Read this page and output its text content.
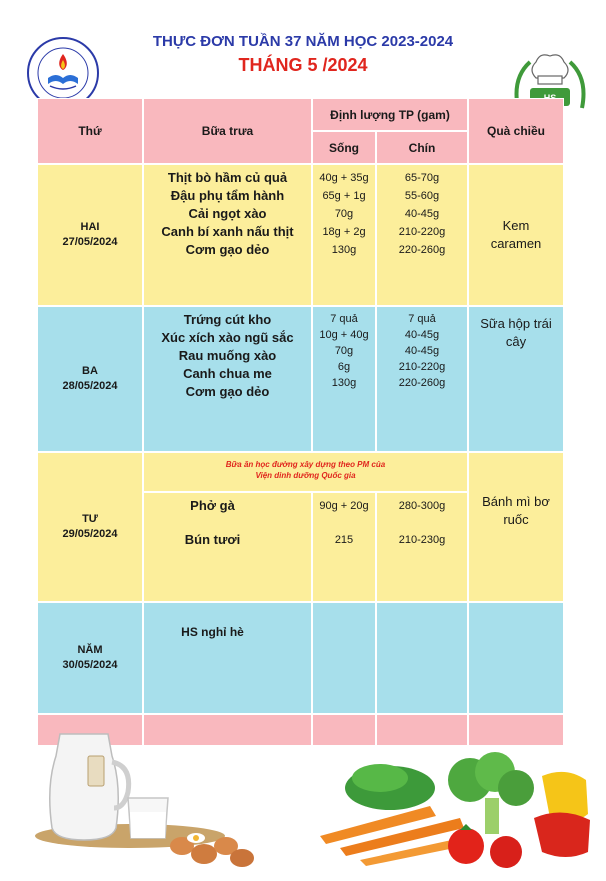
THỰC ĐƠN TUẦN 37 NĂM HỌC 2023-2024
THÁNG 5 /2024
Thứ	Bữa trưa
Định lượng TP (gam)
Sống	Chín
Quà chiều
HAI
27/05/2024
Thịt bò hầm củ quả
Đậu phụ tẩm hành
Cải ngọt xào
Canh bí xanh nấu thịt
Cơm gạo dẻo
40g + 35g
65g + 1g
70g
18g + 2g
130g
65-70g
55-60g
40-45g
210-220g
220-260g
Kem
caramen
BA
28/05/2024
Trứng cút kho
Xúc xích xào ngũ sắc
Rau muống xào
Canh chua me
Cơm gạo dẻo
7 quả
10g + 40g
70g
6g
130g
7 quả
40-45g
40-45g
210-220g
220-260g
Sữa hộp trái
cây
TƯ
29/05/2024
Bữa ăn học đường xây dựng theo PM của
Viện dinh dưỡng Quốc gia
Phở gà
Bún tươi
90g + 20g
215
280-300g
210-230g
Bánh mì bơ
ruốc
NĂM
30/05/2024
HS nghỉ hè
